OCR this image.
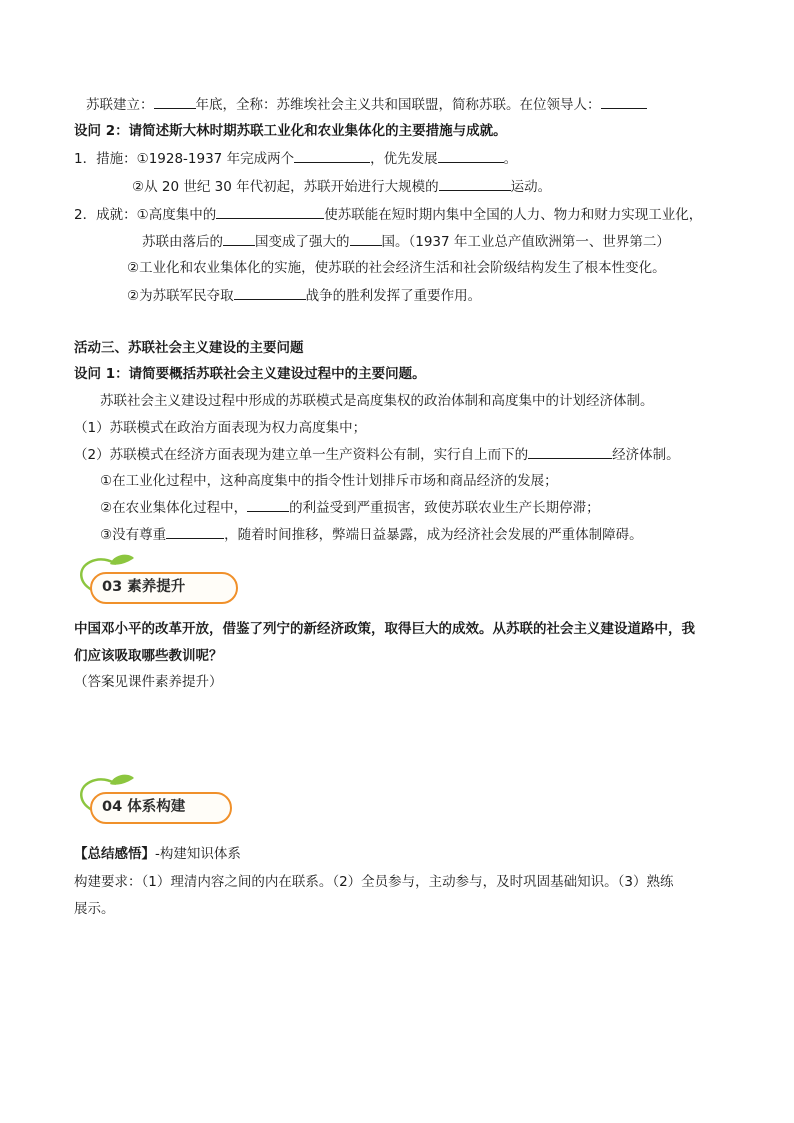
苏联建立：	年底，全称：苏维埃社会主义共和国联盟，简称苏联。在位领导人：
设问 2：请简述斯大林时期苏联工业化和农业集体化的主要措施与成就。
1．措施：①1928-1937 年完成两个	，优先发展	。
②从 20 世纪 30 年代初起，苏联开始进行大规模的	运动。
2．成就：①高度集中的	使苏联能在短时期内集中全国的人力、物力和财力实现工业化，
苏联由落后的 国变成了强大的 国。（1937 年工业总产值欧洲第一、世界第二）
②工业化和农业集体化的实施，使苏联的社会经济生活和社会阶级结构发生了根本性变化。
②为苏联军民夺取	战争的胜利发挥了重要作用。
活动三、苏联社会主义建设的主要问题
设问 1：请简要概括苏联社会主义建设过程中的主要问题。
苏联社会主义建设过程中形成的苏联模式是高度集权的政治体制和高度集中的计划经济体制。
（1）苏联模式在政治方面表现为权力高度集中；
（2）苏联模式在经济方面表现为建立单一生产资料公有制，实行自上而下的	经济体制。
①在工业化过程中，这种高度集中的指令性计划排斥市场和商品经济的发展；
②在农业集体化过程中，	的利益受到严重损害，致使苏联农业生产长期停滞；
③没有尊重	，随着时间推移，弊端日益暴露，成为经济社会发展的严重体制障碍。
03 素养提升
中国邓小平的改革开放，借鉴了列宁的新经济政策，取得巨大的成效。从苏联的社会主义建设道路中，我
们应该吸取哪些教训呢？
（答案见课件素养提升）
04 体系构建
【总结感悟】-构建知识体系
构建要求：（1）理清内容之间的内在联系。（2）全员参与，主动参与，及时巩固基础知识。（3）熟练
展示。
